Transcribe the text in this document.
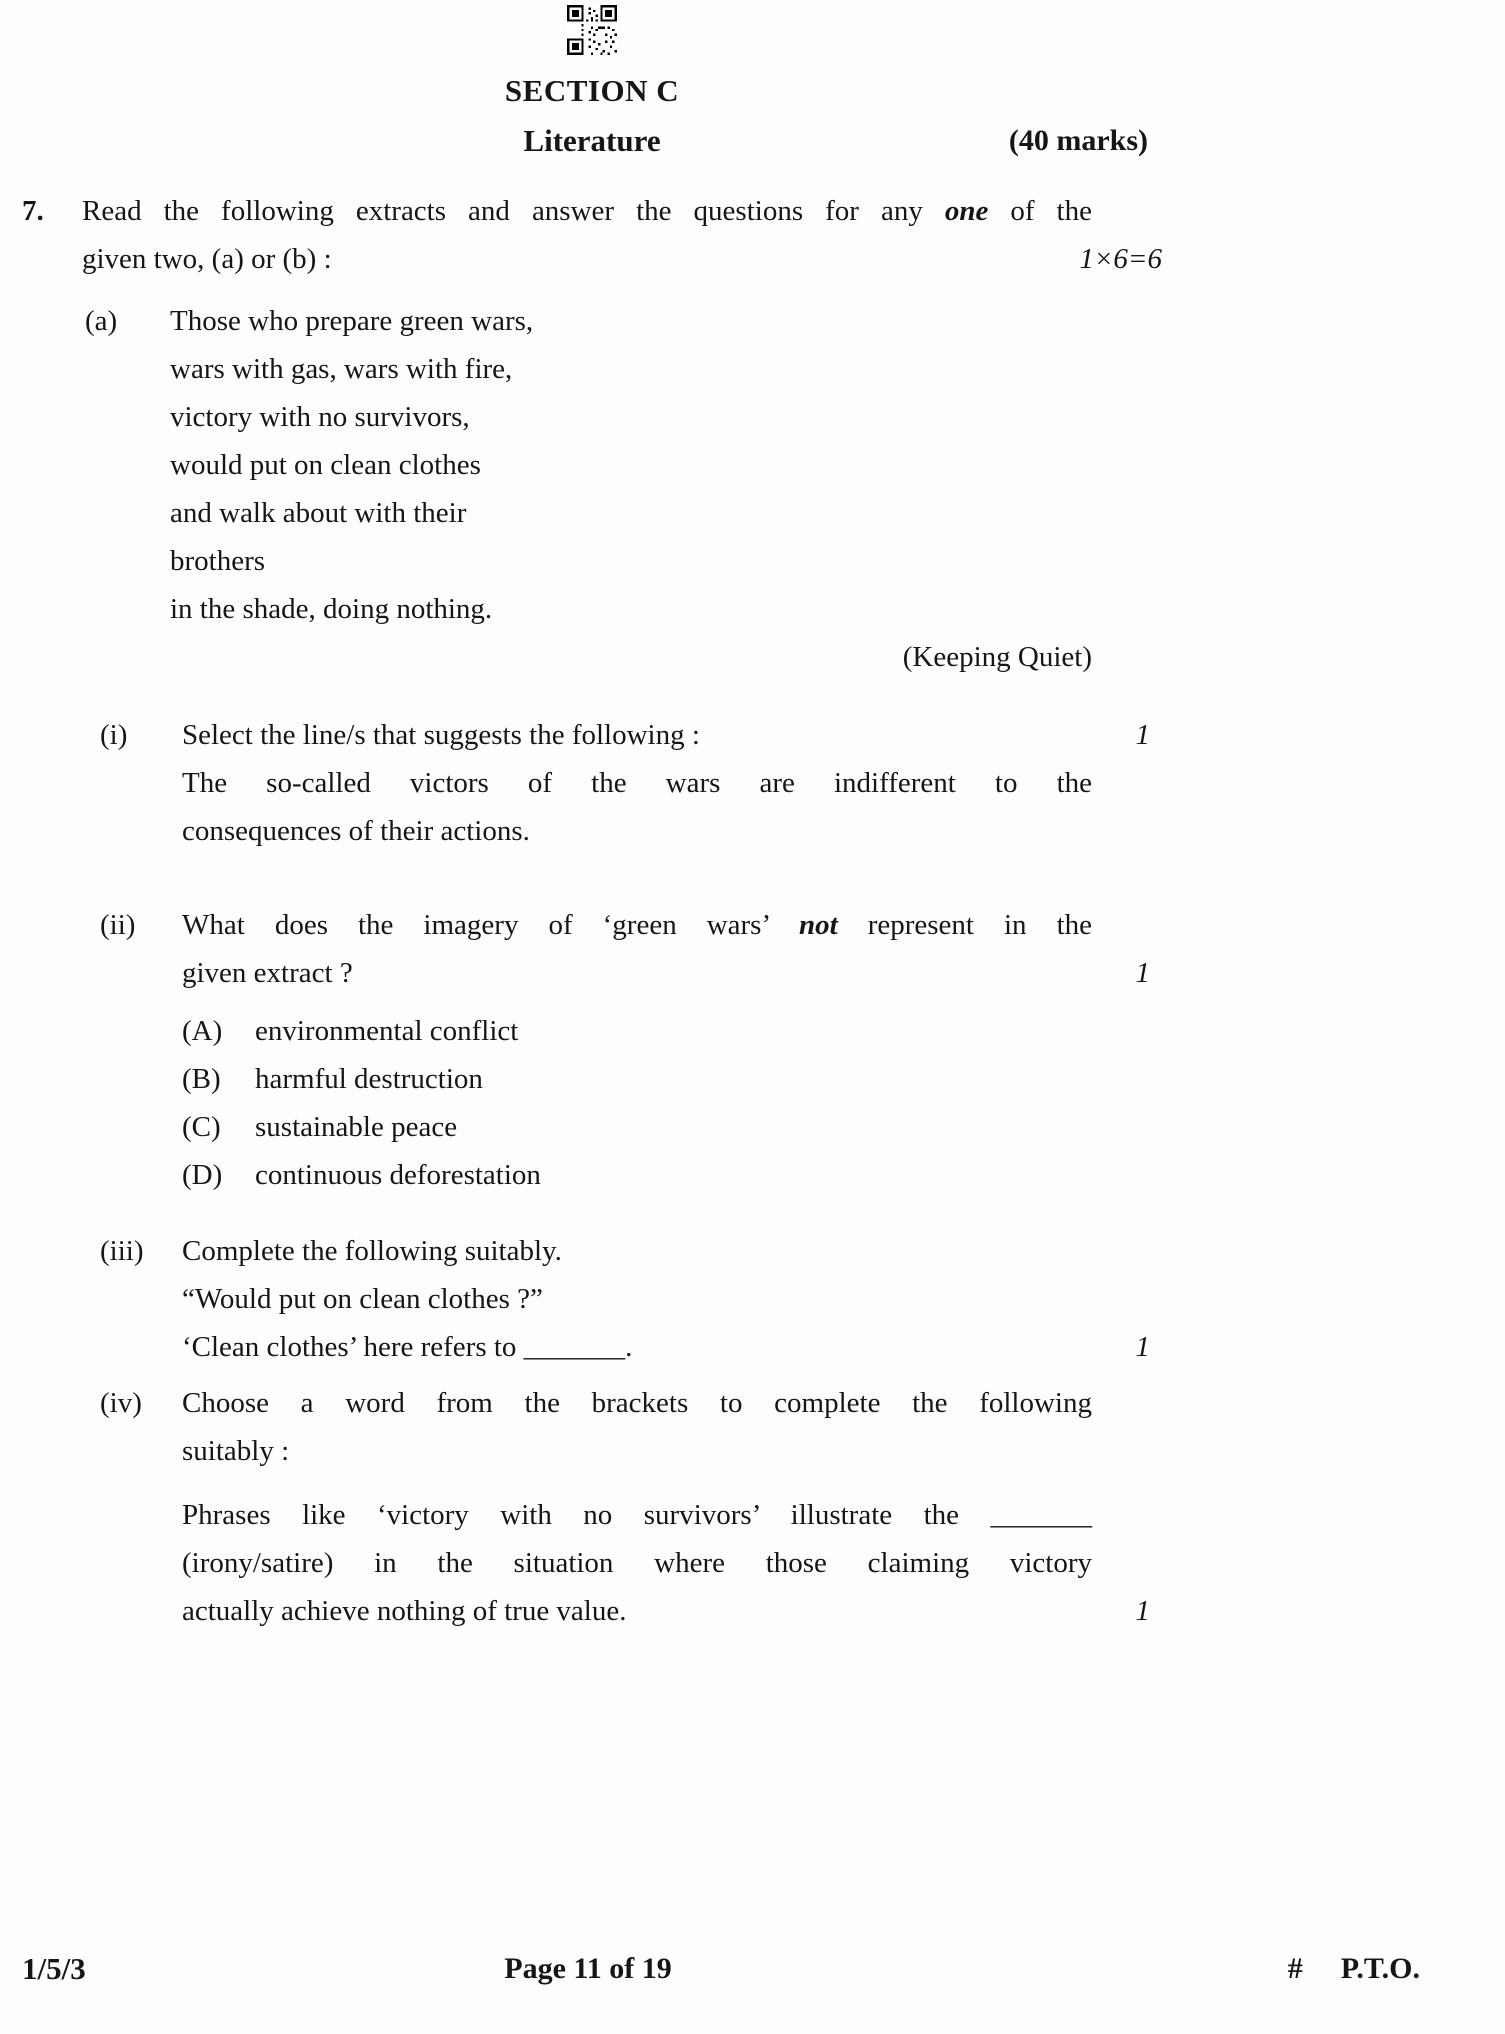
SECTION C
Literature	(40 marks)
7.	Read the following extracts and answer the questions for any one of the
given two, (a) or (b) :	1×6=6
(a)	Those who prepare green wars,
wars with gas, wars with fire,
victory with no survivors,
would put on clean clothes
and walk about with their
brothers
in the shade, doing nothing.
(Keeping Quiet)
(i)	Select the line/s that suggests the following :
The so-called victors of the wars are indifferent to the
consequences of their actions.
1
(ii)	What does the imagery of ‘green wars’ not represent in the
given extract ?
(A)	environmental conflict
(B)	harmful destruction
(C)	sustainable peace
(D)	continuous deforestation
1
(iii)	Complete the following suitably.
“Would put on clean clothes ?”
‘Clean clothes’ here refers to _______.	1
(iv)	Choose a word from the brackets to complete the following
suitably :
Phrases like ‘victory with no survivors’ illustrate the _______
(irony/satire) in the situation where those claiming victory
actually achieve nothing of true value.	1
1/5/3	Page 11 of 19	# P.T.O.
